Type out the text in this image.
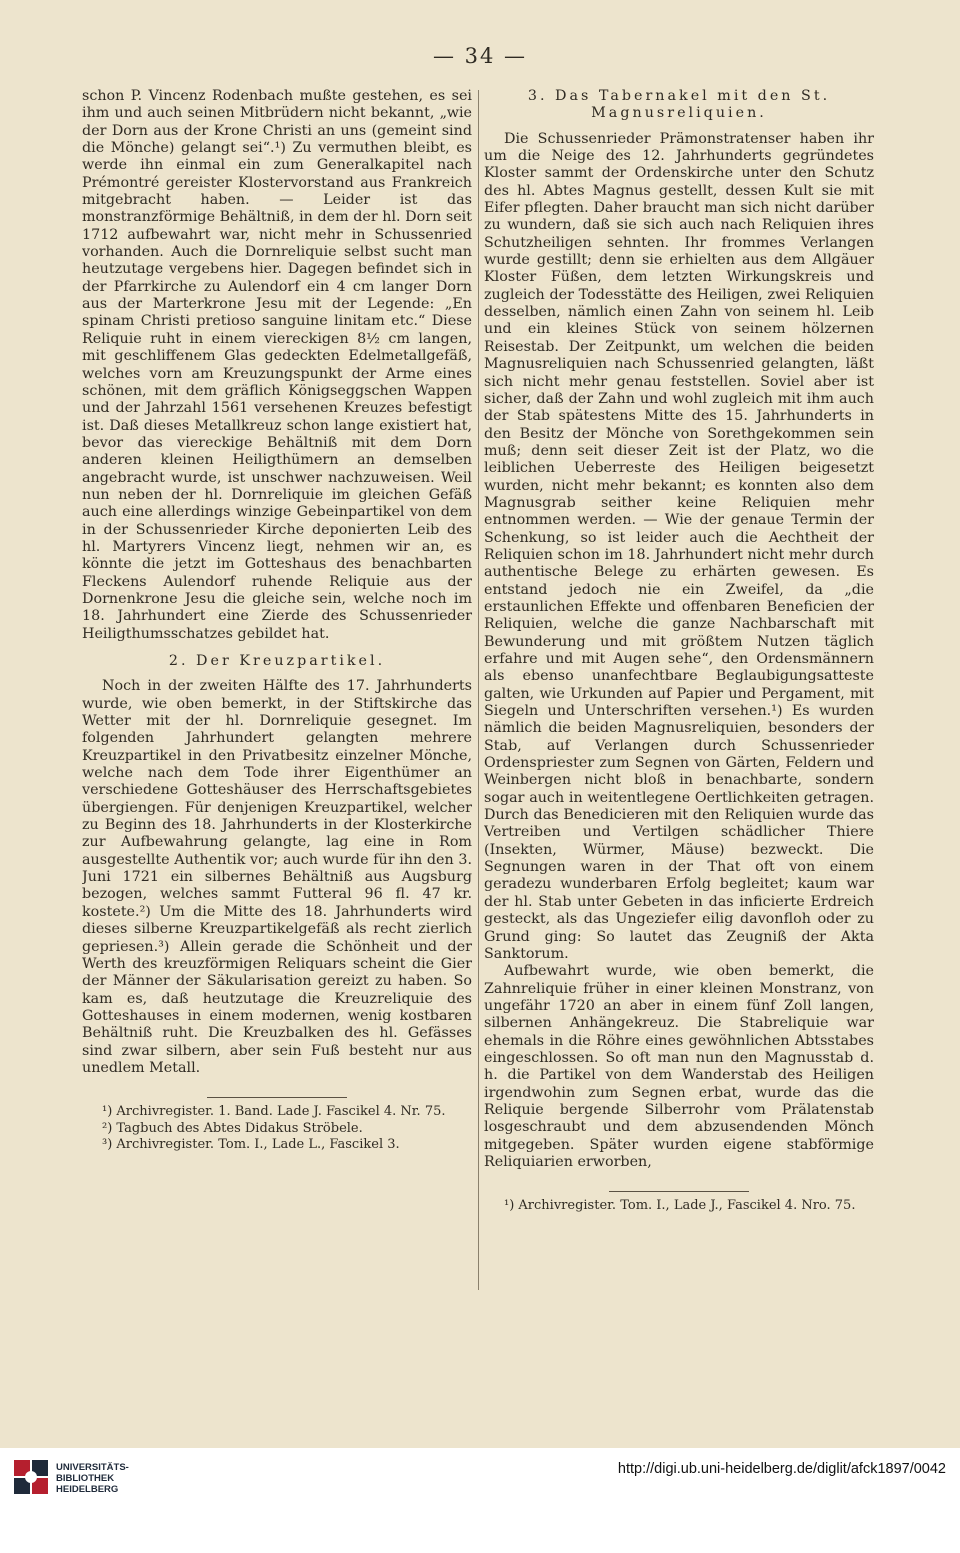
— 34 —

schon P. Vincenz Rodenbach mußte gestehen, es sei ihm und auch seinen Mitbrüdern nicht bekannt, „wie der Dorn aus der Krone Christi an uns (gemeint sind die Mönche) gelangt sei“.¹) Zu vermuthen bleibt, es werde ihn einmal ein zum Generalkapitel nach Prémontré gereister Klostervorstand aus Frankreich mitgebracht haben. — Leider ist das monstranzförmige Behältniß, in dem der hl. Dorn seit 1712 aufbewahrt war, nicht mehr in Schussenried vorhanden. Auch die Dornreliquie selbst sucht man heutzutage vergebens hier. Dagegen befindet sich in der Pfarrkirche zu Aulendorf ein 4 cm langer Dorn aus der Marterkrone Jesu mit der Legende: „En spinam Christi pretioso sanguine linitam etc.“ Diese Reliquie ruht in einem viereckigen 8½ cm langen, mit geschliffenem Glas gedeckten Edelmetallgefäß, welches vorn am Kreuzungspunkt der Arme eines schönen, mit dem gräflich Königseggschen Wappen und der Jahrzahl 1561 versehenen Kreuzes befestigt ist. Daß dieses Metallkreuz schon lange existiert hat, bevor das viereckige Behältniß mit dem Dorn anderen kleinen Heiligthümern an demselben angebracht wurde, ist unschwer nachzuweisen. Weil nun neben der hl. Dornreliquie im gleichen Gefäß auch eine allerdings winzige Gebeinpartikel von dem in der Schussenrieder Kirche deponierten Leib des hl. Martyrers Vincenz liegt, nehmen wir an, es könnte die jetzt im Gotteshaus des benachbarten Fleckens Aulendorf ruhende Reliquie aus der Dornenkrone Jesu die gleiche sein, welche noch im 18. Jahrhundert eine Zierde des Schussenrieder Heiligthumsschatzes gebildet hat.

2. Der Kreuzpartikel.

Noch in der zweiten Hälfte des 17. Jahrhunderts wurde, wie oben bemerkt, in der Stiftskirche das Wetter mit der hl. Dornreliquie gesegnet. Im folgenden Jahrhundert gelangten mehrere Kreuzpartikel in den Privatbesitz einzelner Mönche, welche nach dem Tode ihrer Eigenthümer an verschiedene Gotteshäuser des Herrschaftsgebietes übergiengen. Für denjenigen Kreuzpartikel, welcher zu Beginn des 18. Jahrhunderts in der Klosterkirche zur Aufbewahrung gelangte, lag eine in Rom ausgestellte Authentik vor; auch wurde für ihn den 3. Juni 1721 ein silbernes Behältniß aus Augsburg bezogen, welches sammt Futteral 96 fl. 47 kr. kostete.²) Um die Mitte des 18. Jahrhunderts wird dieses silberne Kreuzpartikelgefäß als recht zierlich gepriesen.³) Allein gerade die Schönheit und der Werth des kreuzförmigen Reliquars scheint die Gier der Männer der Säkularisation gereizt zu haben. So kam es, daß heutzutage die Kreuzreliquie des Gotteshauses in einem modernen, wenig kostbaren Behältniß ruht. Die Kreuzbalken des hl. Gefässes sind zwar silbern, aber sein Fuß besteht nur aus unedlem Metall.

¹) Archivregister. 1. Band. Lade J. Fascikel 4. Nr. 75.

²) Tagbuch des Abtes Didakus Ströbele.

³) Archivregister. Tom. I., Lade L., Fascikel 3.

3. Das Tabernakel mit den St. Magnusreliquien.

Die Schussenrieder Prämonstratenser haben ihr um die Neige des 12. Jahrhunderts gegründetes Kloster sammt der Ordenskirche unter den Schutz des hl. Abtes Magnus gestellt, dessen Kult sie mit Eifer pflegten. Daher braucht man sich nicht darüber zu wundern, daß sie sich auch nach Reliquien ihres Schutzheiligen sehnten. Ihr frommes Verlangen wurde gestillt; denn sie erhielten aus dem Allgäuer Kloster Füßen, dem letzten Wirkungskreis und zugleich der Todesstätte des Heiligen, zwei Reliquien desselben, nämlich einen Zahn von seinem hl. Leib und ein kleines Stück von seinem hölzernen Reisestab. Der Zeitpunkt, um welchen die beiden Magnusreliquien nach Schussenried gelangten, läßt sich nicht mehr genau feststellen. Soviel aber ist sicher, daß der Zahn und wohl zugleich mit ihm auch der Stab spätestens Mitte des 15. Jahrhunderts in den Besitz der Mönche von Sorethgekommen sein muß; denn seit dieser Zeit ist der Platz, wo die leiblichen Ueberreste des Heiligen beigesetzt wurden, nicht mehr bekannt; es konnten also dem Magnusgrab seither keine Reliquien mehr entnommen werden. — Wie der genaue Termin der Schenkung, so ist leider auch die Aechtheit der Reliquien schon im 18. Jahrhundert nicht mehr durch authentische Belege zu erhärten gewesen. Es entstand jedoch nie ein Zweifel, da „die erstaunlichen Effekte und offenbaren Beneficien der Reliquien, welche die ganze Nachbarschaft mit Bewunderung und mit größtem Nutzen täglich erfahre und mit Augen sehe“, den Ordensmännern als ebenso unanfechtbare Beglaubigungsatteste galten, wie Urkunden auf Papier und Pergament, mit Siegeln und Unterschriften versehen.¹) Es wurden nämlich die beiden Magnusreliquien, besonders der Stab, auf Verlangen durch Schussenrieder Ordenspriester zum Segnen von Gärten, Feldern und Weinbergen nicht bloß in benachbarte, sondern sogar auch in weitentlegene Oertlichkeiten getragen. Durch das Benedicieren mit den Reliquien wurde das Vertreiben und Vertilgen schädlicher Thiere (Insekten, Würmer, Mäuse) bezweckt. Die Segnungen waren in der That oft von einem geradezu wunderbaren Erfolg begleitet; kaum war der hl. Stab unter Gebeten in das inficierte Erdreich gesteckt, als das Ungeziefer eilig davonfloh oder zu Grund ging: So lautet das Zeugniß der Akta Sanktorum.

Aufbewahrt wurde, wie oben bemerkt, die Zahnreliquie früher in einer kleinen Monstranz, von ungefähr 1720 an aber in einem fünf Zoll langen, silbernen Anhängekreuz. Die Stabreliquie war ehemals in die Röhre eines gewöhnlichen Abtsstabes eingeschlossen. So oft man nun den Magnusstab d. h. die Partikel von dem Wanderstab des Heiligen irgendwohin zum Segnen erbat, wurde das die Reliquie bergende Silberrohr vom Prälatenstab losgeschraubt und dem abzusendenden Mönch mitgegeben. Später wurden eigene stabförmige Reliquiarien erworben,

¹) Archivregister. Tom. I., Lade J., Fascikel 4. Nro. 75.

UNIVERSITÄTS-
BIBLIOTHEK
HEIDELBERG
http://digi.ub.uni-heidelberg.de/diglit/afck1897/0042
